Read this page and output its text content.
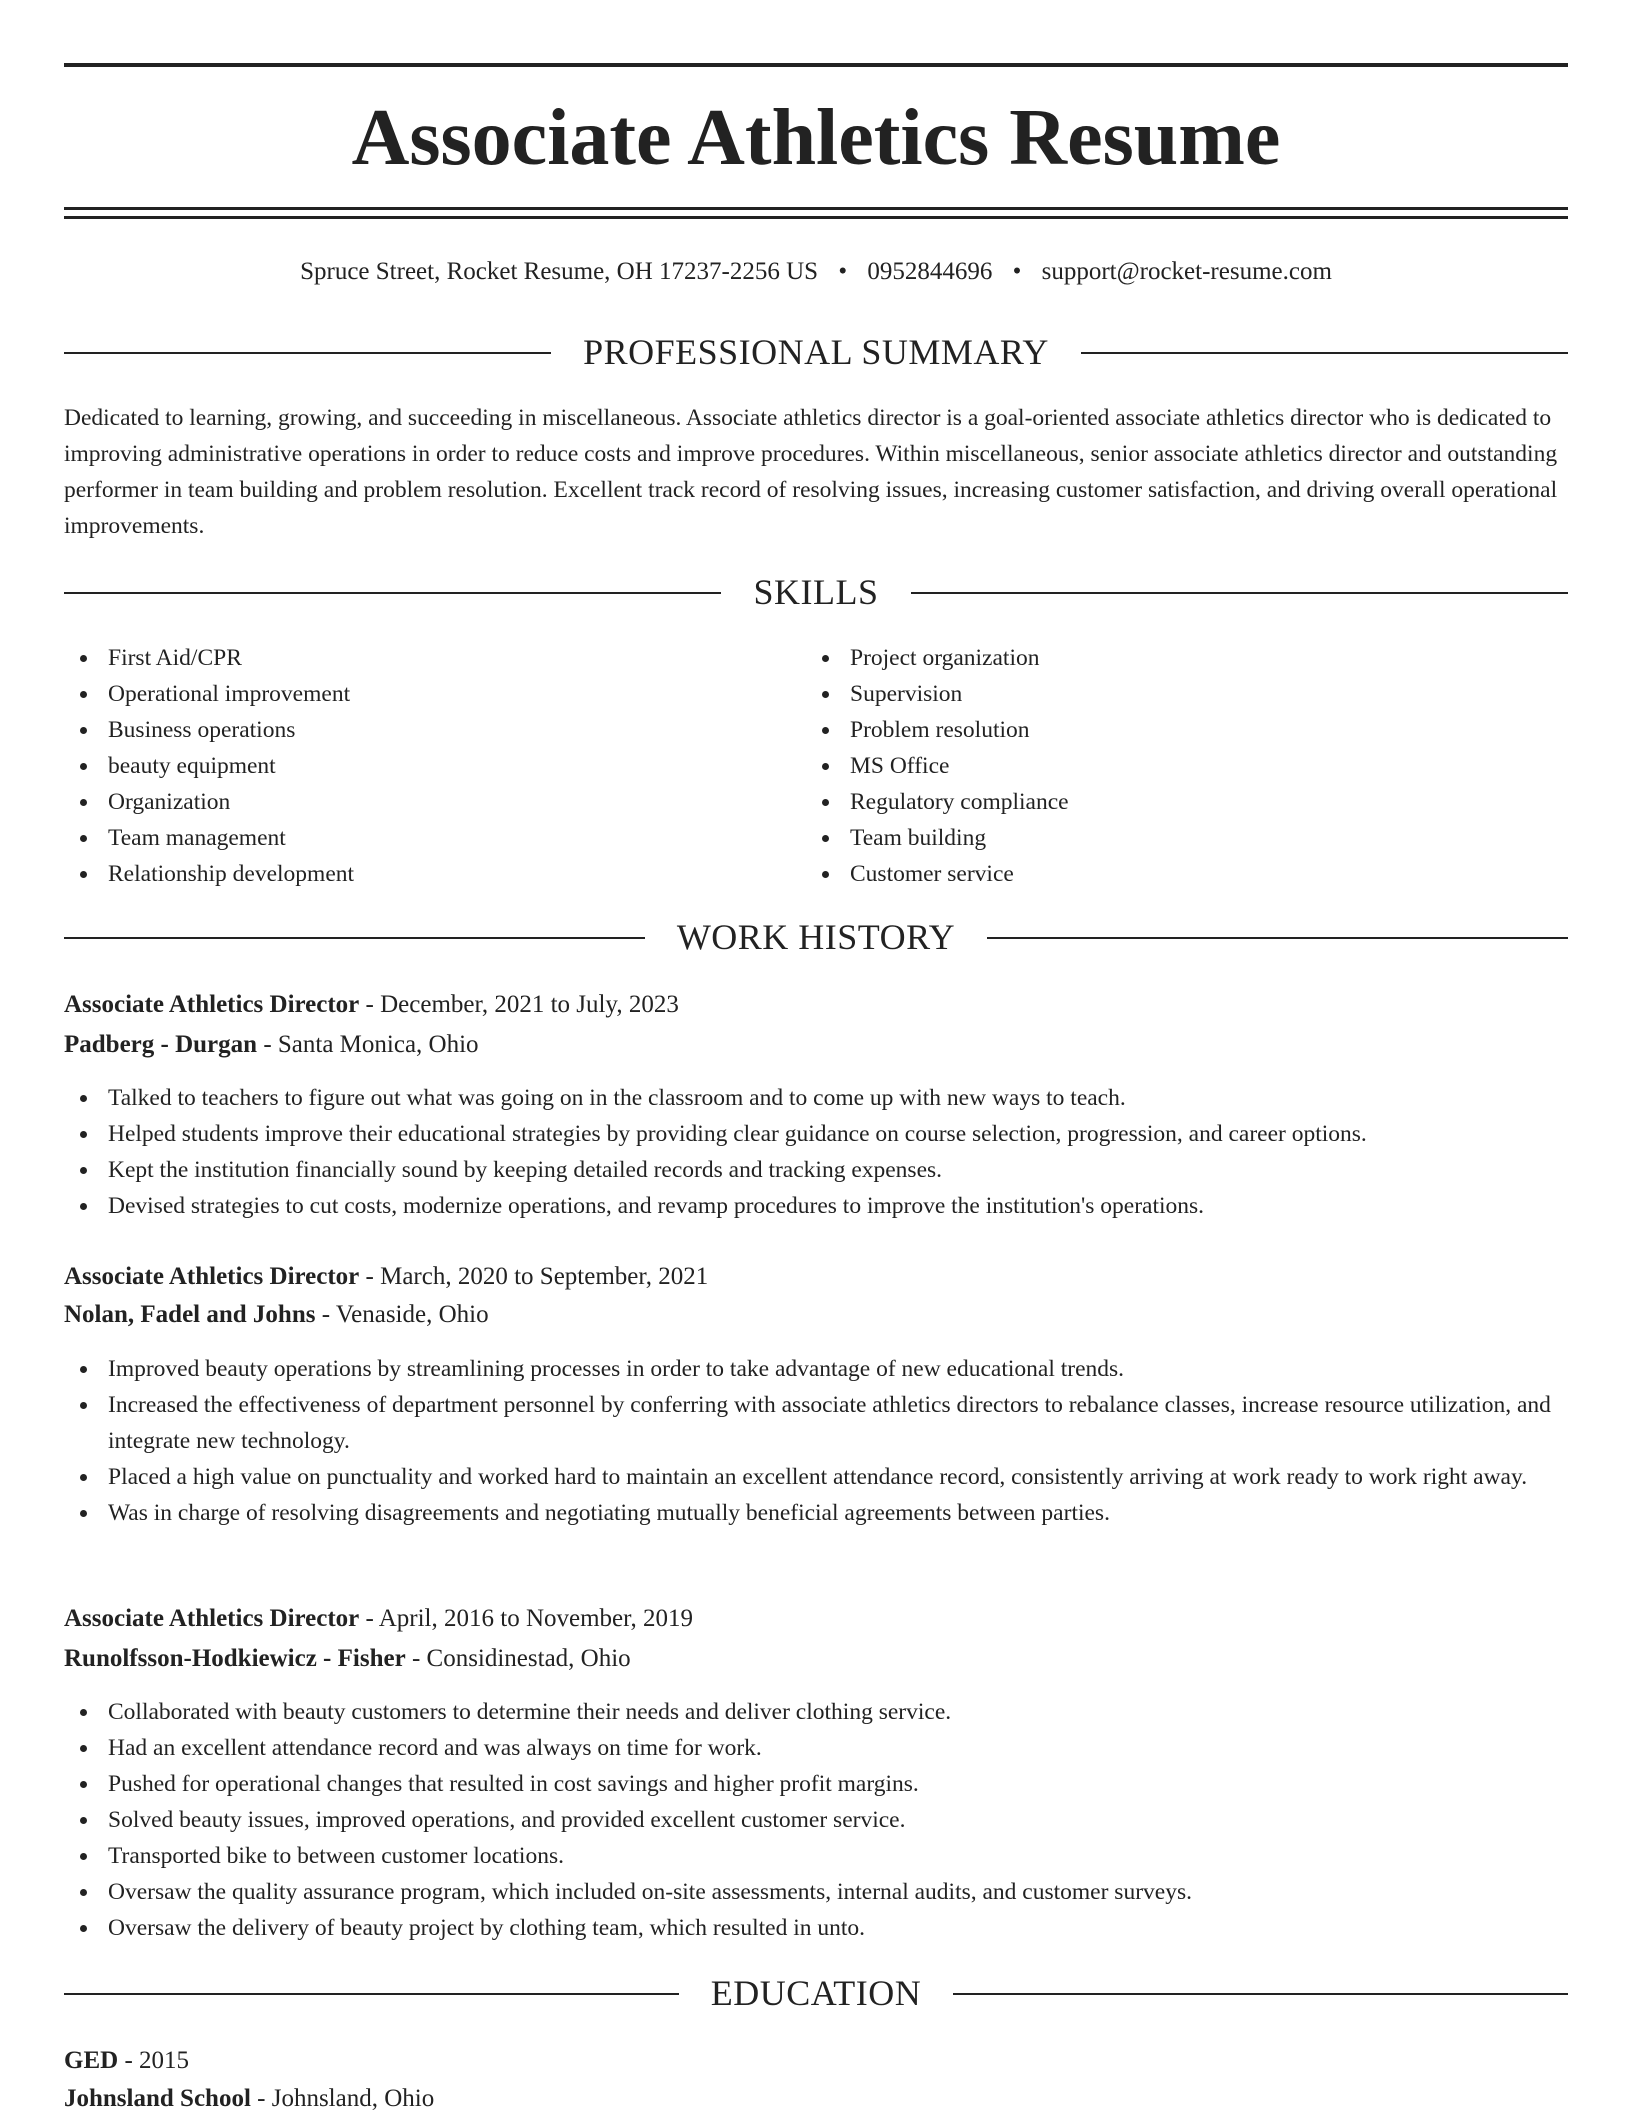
Associate Athletics Resume
Spruce Street, Rocket Resume, OH 17237-2256 US • 0952844696 • support@rocket-resume.com
PROFESSIONAL SUMMARY

Dedicated to learning, growing, and succeeding in miscellaneous. Associate athletics director is a goal-oriented associate athletics director who is dedicated to improving administrative operations in order to reduce costs and improve procedures. Within miscellaneous, senior associate athletics director and outstanding performer in team building and problem resolution. Excellent track record of resolving issues, increasing customer satisfaction, and driving overall operational improvements.

SKILLS
First Aid/CPR
Operational improvement
Business operations
beauty equipment
Organization
Team management
Relationship development
Project organization
Supervision
Problem resolution
MS Office
Regulatory compliance
Team building
Customer service
WORK HISTORY
Associate Athletics Director - December, 2021 to July, 2023
Padberg - Durgan - Santa Monica, Ohio
Talked to teachers to figure out what was going on in the classroom and to come up with new ways to teach.
Helped students improve their educational strategies by providing clear guidance on course selection, progression, and career options.
Kept the institution financially sound by keeping detailed records and tracking expenses.
Devised strategies to cut costs, modernize operations, and revamp procedures to improve the institution's operations.
Associate Athletics Director - March, 2020 to September, 2021
Nolan, Fadel and Johns - Venaside, Ohio
Improved beauty operations by streamlining processes in order to take advantage of new educational trends.
Increased the effectiveness of department personnel by conferring with associate athletics directors to rebalance classes, increase resource utilization, and integrate new technology.
Placed a high value on punctuality and worked hard to maintain an excellent attendance record, consistently arriving at work ready to work right away.
Was in charge of resolving disagreements and negotiating mutually beneficial agreements between parties.
Associate Athletics Director - April, 2016 to November, 2019
Runolfsson-Hodkiewicz - Fisher - Considinestad, Ohio
Collaborated with beauty customers to determine their needs and deliver clothing service.
Had an excellent attendance record and was always on time for work.
Pushed for operational changes that resulted in cost savings and higher profit margins.
Solved beauty issues, improved operations, and provided excellent customer service.
Transported bike to between customer locations.
Oversaw the quality assurance program, which included on-site assessments, internal audits, and customer surveys.
Oversaw the delivery of beauty project by clothing team, which resulted in unto.
EDUCATION
GED - 2015
Johnsland School - Johnsland, Ohio
